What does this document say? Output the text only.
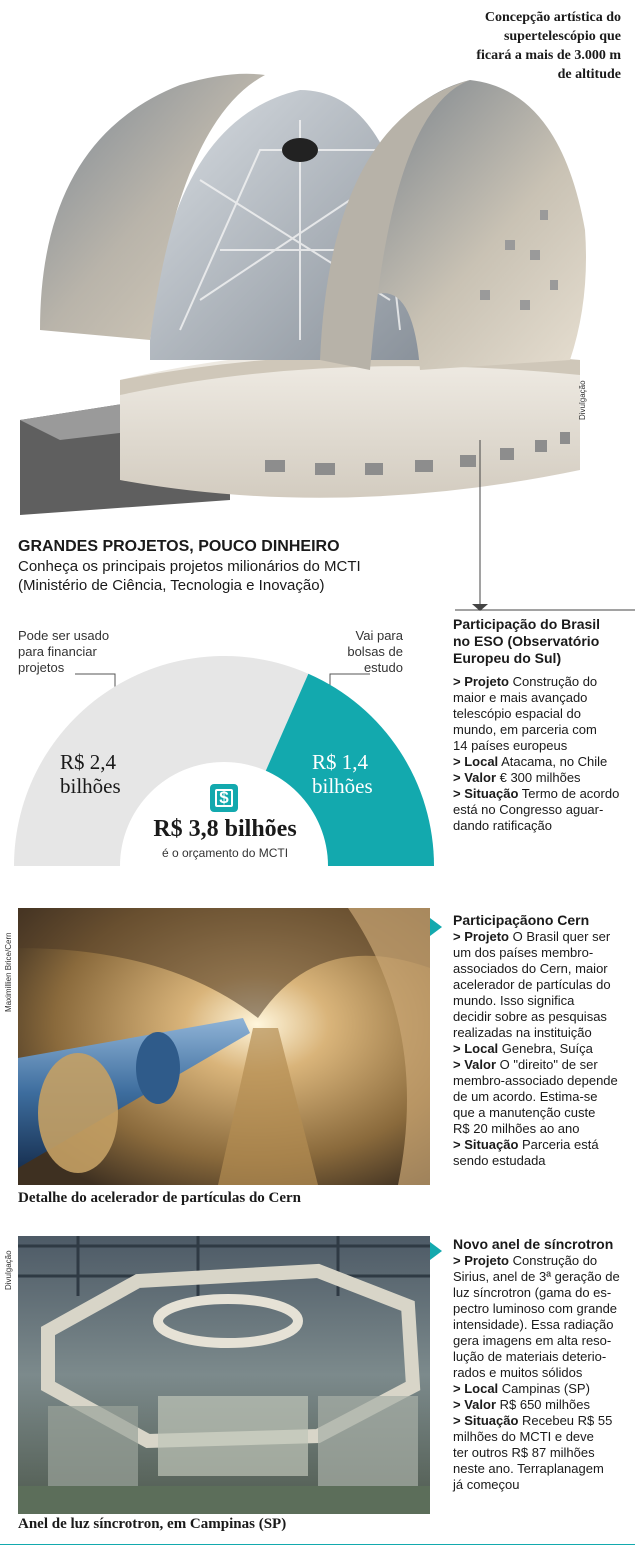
Concepção artística do
supertelescópio que
ficará a mais de 3.000 m
de altitude
Divulgação
GRANDES PROJETOS, POUCO DINHEIRO
Conheça os principais projetos milionários do MCTI
(Ministério de Ciência, Tecnologia e Inovação)
Pode ser usado
para financiar
projetos
Vai para
bolsas de
estudo
R$ 2,4
bilhões
R$ 1,4
bilhões
$
R$ 3,8 bilhões
é o orçamento do MCTI
Participação do Brasil
no ESO (Observatório
Europeu do Sul)
> Projeto Construção do
maior e mais avançado
telescópio espacial do
mundo, em parceria com
14 países europeus
> Local Atacama, no Chile
> Valor € 300 milhões
> Situação Termo de acordo
está no Congresso aguar-
dando ratificação
Maximillien Brice/Cern
Detalhe do acelerador de partículas do Cern
Participaçãono Cern
> Projeto O Brasil quer ser
um dos países membro-
associados do Cern, maior
acelerador de partículas do
mundo. Isso significa
decidir sobre as pesquisas
realizadas na instituição
> Local Genebra, Suíça
> Valor O "direito" de ser
membro-associado depende
de um acordo. Estima-se
que a manutenção custe
R$ 20 milhões ao ano
> Situação Parceria está
sendo estudada
Divulgação
Anel de luz síncrotron, em Campinas (SP)
Novo anel de síncrotron
> Projeto Construção do
Sirius, anel de 3ª geração de
luz síncrotron (gama do es-
pectro luminoso com grande
intensidade). Essa radiação
gera imagens em alta reso-
lução de materiais deterio-
rados e muitos sólidos
> Local Campinas (SP)
> Valor R$ 650 milhões
> Situação Recebeu R$ 55
milhões do MCTI e deve
ter outros R$ 87 milhões
neste ano. Terraplanagem
já começou
